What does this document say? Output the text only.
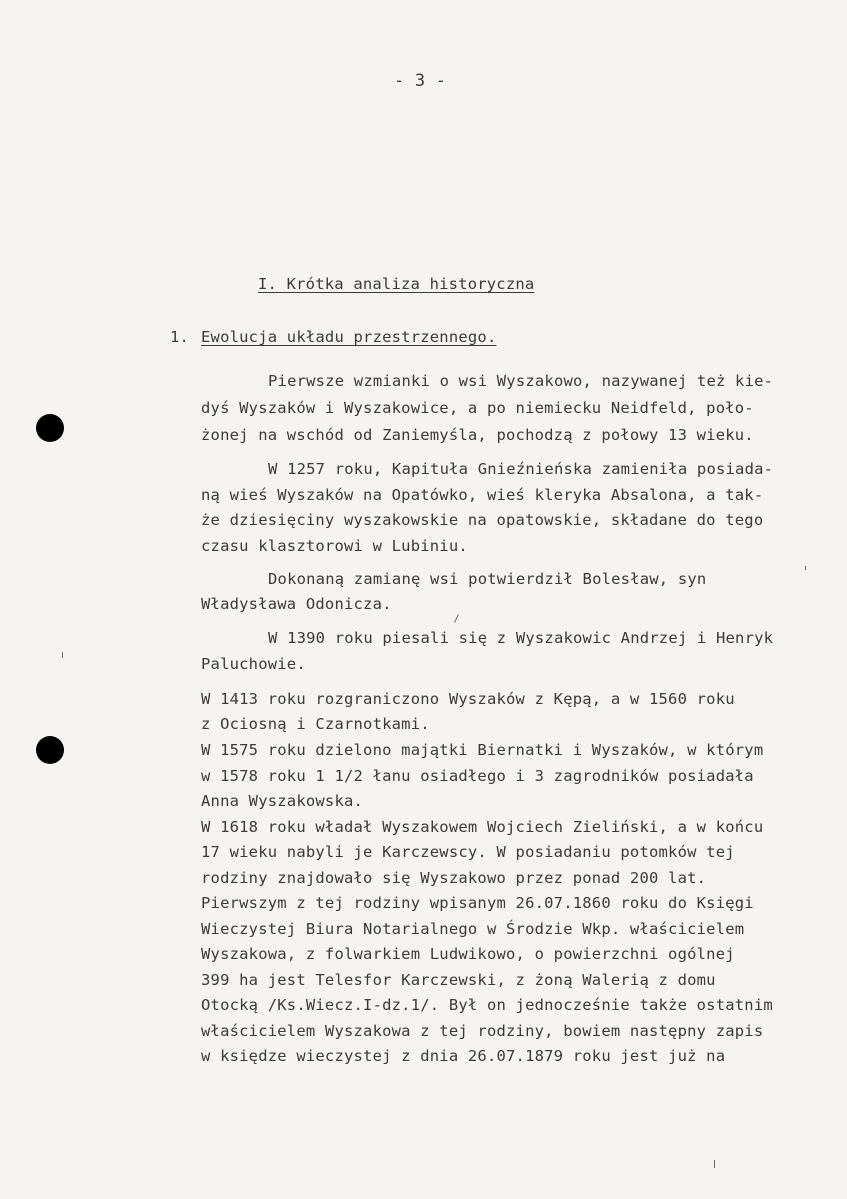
- 3 -
I. Krótka analiza historyczna
1. Ewolucja układu przestrzennego.
Pierwsze wzmianki o wsi Wyszakowo, nazywanej też kie-
dyś Wyszaków i Wyszakowice, a po niemiecku Neidfeld, poło-
żonej na wschód od Zaniemyśla, pochodzą z połowy 13 wieku.
W 1257 roku, Kapituła Gnieźnieńska zamieniła posiada-
ną wieś Wyszaków na Opatówko, wieś kleryka Absalona, a tak-
że dziesięciny wyszakowskie na opatowskie, składane do tego
czasu klasztorowi w Lubiniu.
Dokonaną zamianę wsi potwierdził Bolesław, syn
Władysława Odonicza.
W 1390 roku piesali się z Wyszakowic Andrzej i Henryk
Paluchowie.
W 1413 roku rozgraniczono Wyszaków z Kępą, a w 1560 roku
z Ociosną i Czarnotkami.
W 1575 roku dzielono majątki Biernatki i Wyszaków, w którym
w 1578 roku 1 1/2 łanu osiadłego i 3 zagrodników posiadała
Anna Wyszakowska.
W 1618 roku władał Wyszakowem Wojciech Zieliński, a w końcu
17 wieku nabyli je Karczewscy. W posiadaniu potomków tej
rodziny znajdowało się Wyszakowo przez ponad 200 lat.
Pierwszym z tej rodziny wpisanym 26.07.1860 roku do Księgi
Wieczystej Biura Notarialnego w Środzie Wkp. właścicielem
Wyszakowa, z folwarkiem Ludwikowo, o powierzchni ogólnej
399 ha jest Telesfor Karczewski, z żoną Walerią z domu
Otocką /Ks.Wiecz.I-dz.1/. Był on jednocześnie także ostatnim
właścicielem Wyszakowa z tej rodziny, bowiem następny zapis
w księdze wieczystej z dnia 26.07.1879 roku jest już na
